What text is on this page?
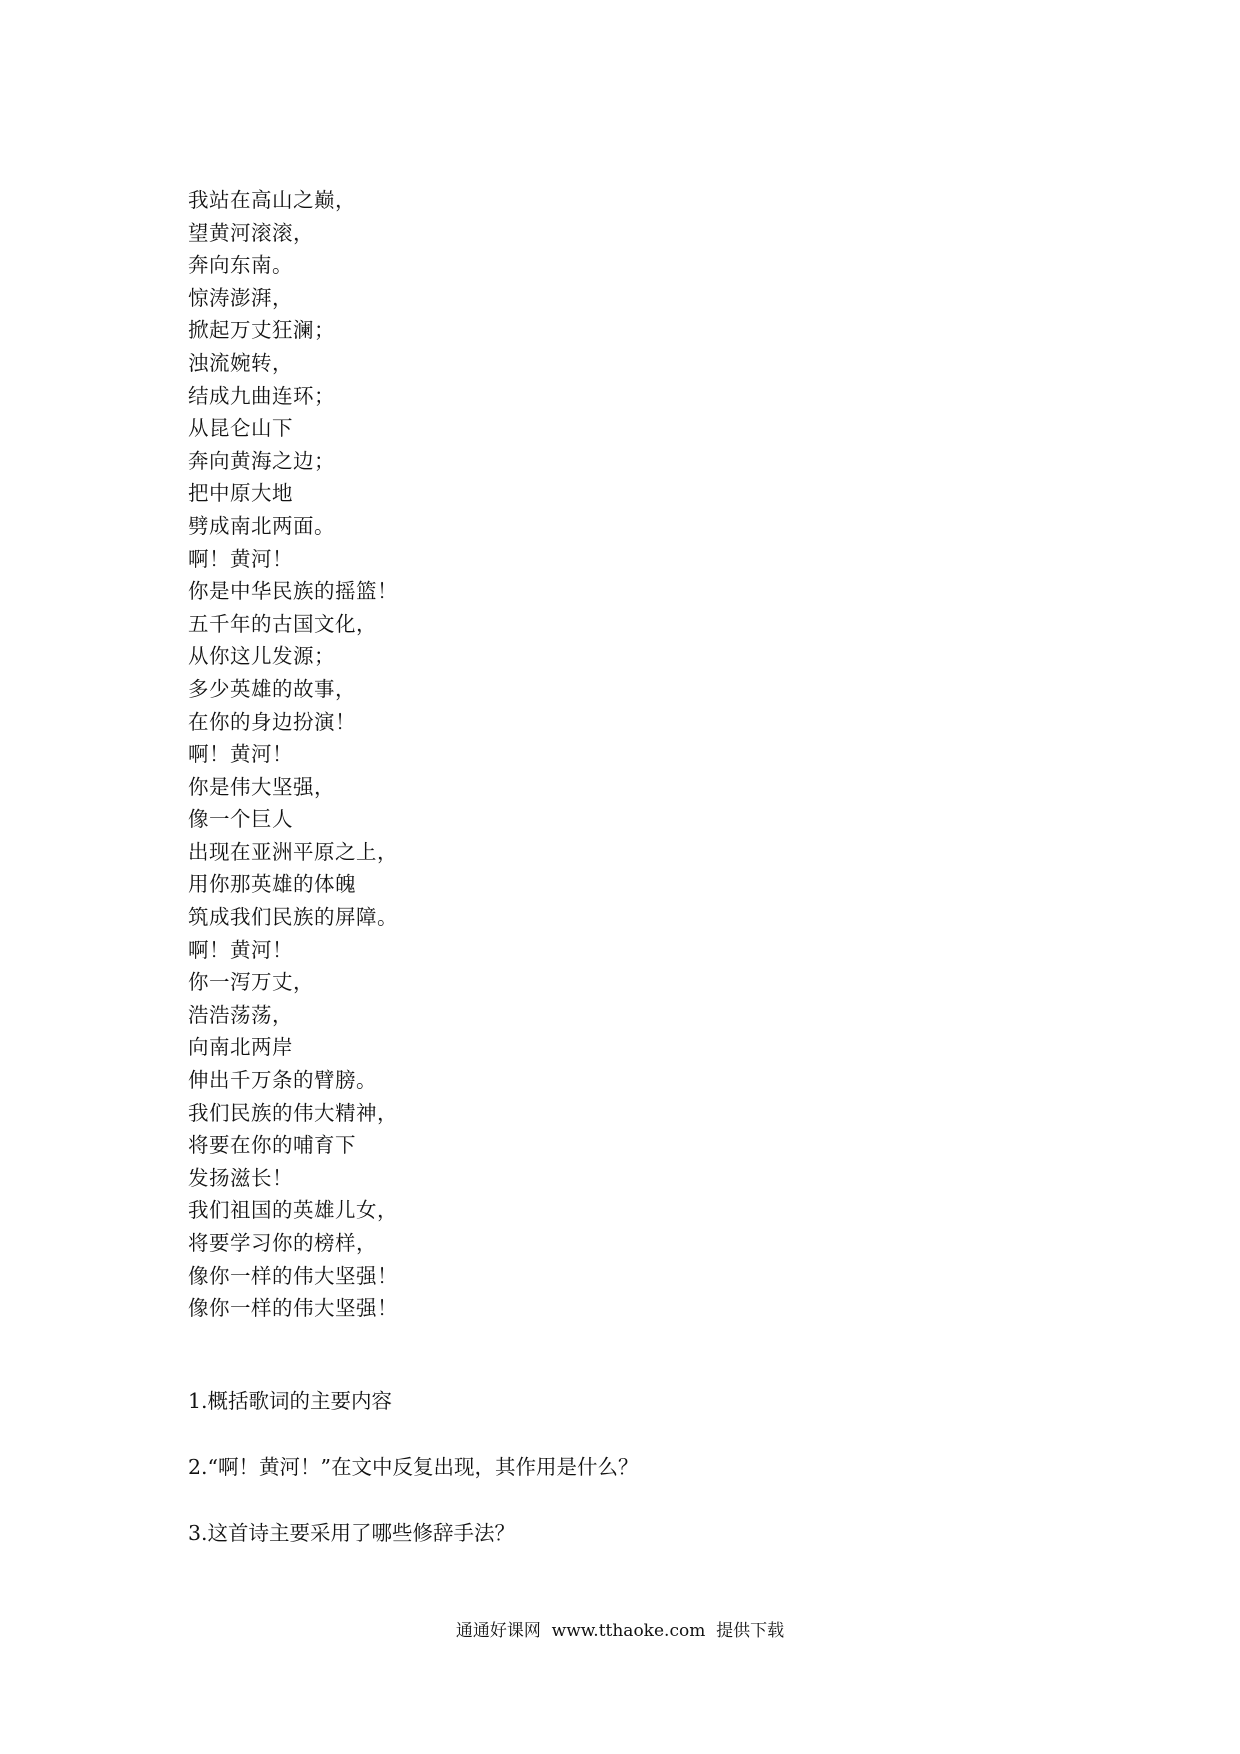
我站在高山之巅，
望黄河滚滚，
奔向东南。
惊涛澎湃，
掀起万丈狂澜；
浊流婉转，
结成九曲连环；
从昆仑山下
奔向黄海之边；
把中原大地
劈成南北两面。
啊！黄河！
你是中华民族的摇篮！
五千年的古国文化，
从你这儿发源；
多少英雄的故事，
在你的身边扮演！
啊！黄河！
你是伟大坚强，
像一个巨人
出现在亚洲平原之上，
用你那英雄的体魄
筑成我们民族的屏障。
啊！黄河！
你一泻万丈，
浩浩荡荡，
向南北两岸
伸出千万条的臂膀。
我们民族的伟大精神，
将要在你的哺育下
发扬滋长！
我们祖国的英雄儿女，
将要学习你的榜样，
像你一样的伟大坚强！
像你一样的伟大坚强！

1.概括歌词的主要内容

2.“啊！黄河！”在文中反复出现，其作用是什么？

3.这首诗主要采用了哪些修辞手法？

通通好课网 www.tthaoke.com 提供下载
